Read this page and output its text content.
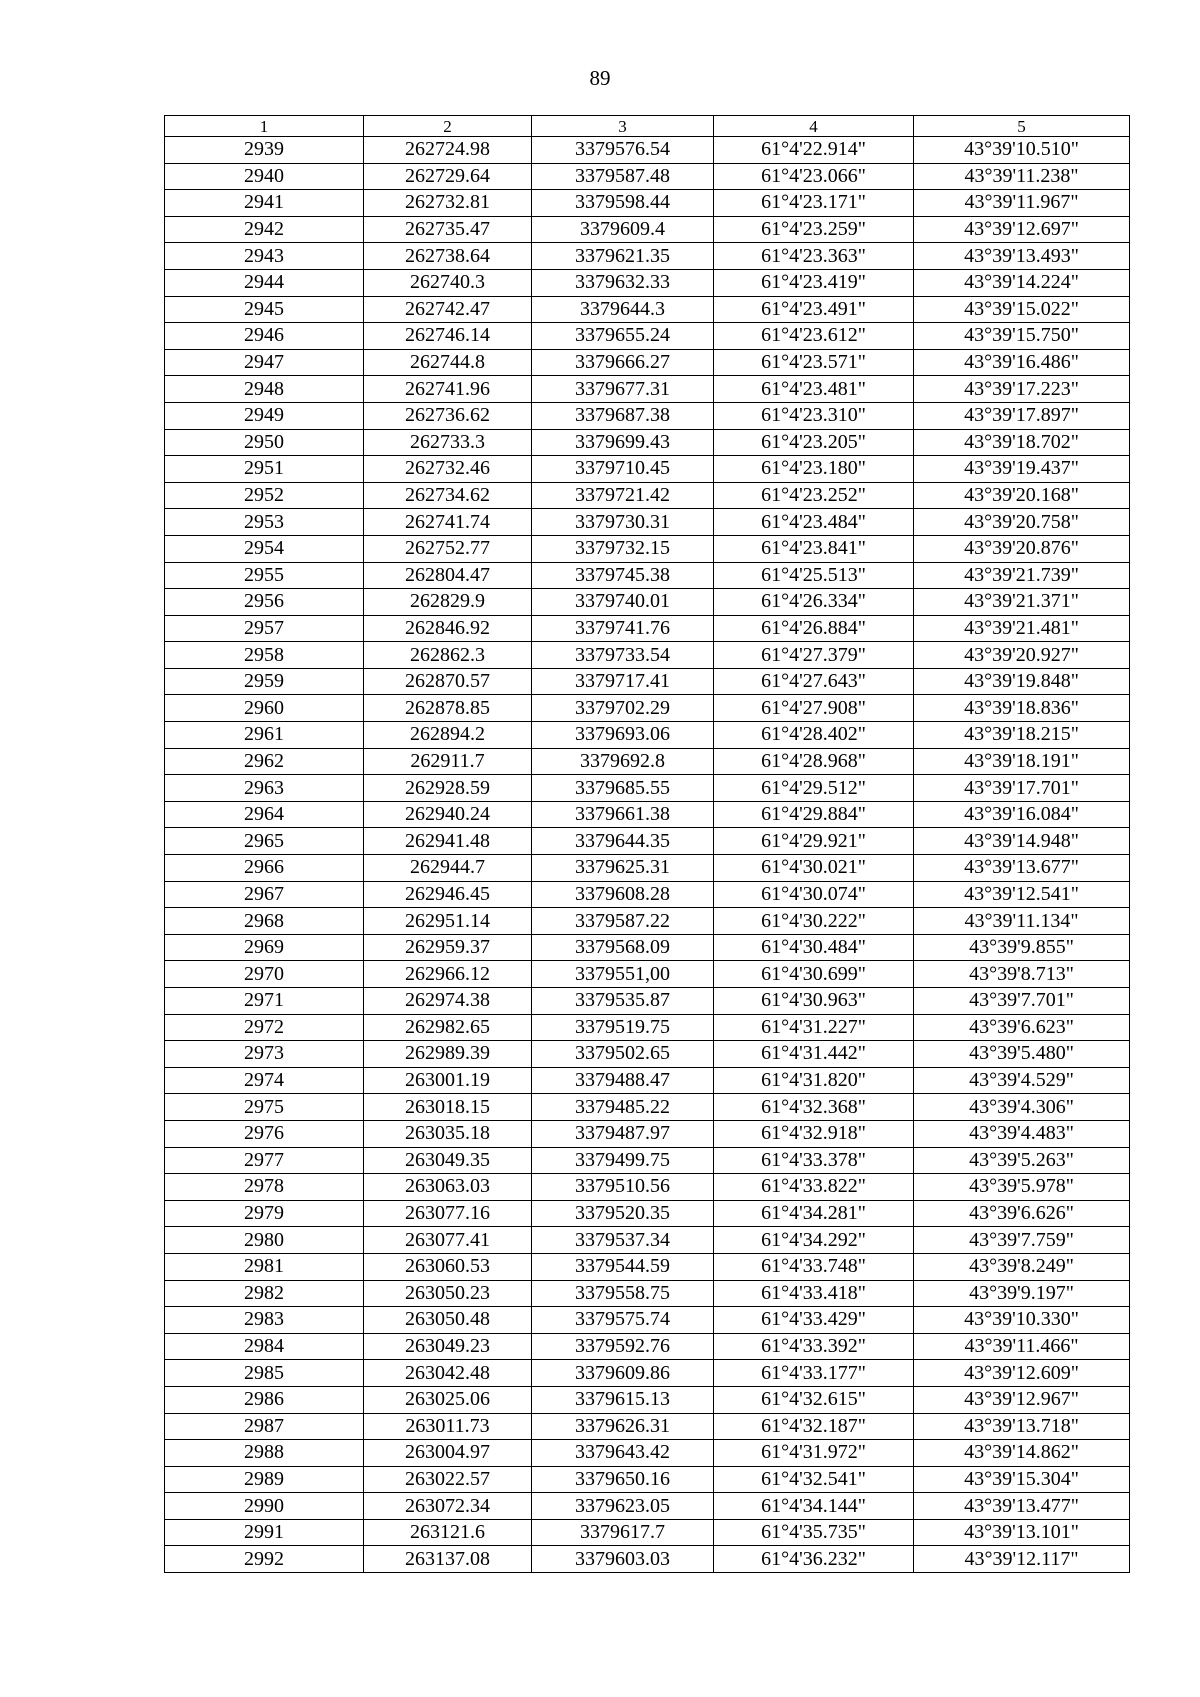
89
1	2	3	4	5
2939	262724.98	3379576.54	61°4'22.914"	43°39'10.510"
2940	262729.64	3379587.48	61°4'23.066"	43°39'11.238"
2941	262732.81	3379598.44	61°4'23.171"	43°39'11.967"
2942	262735.47	3379609.4	61°4'23.259"	43°39'12.697"
2943	262738.64	3379621.35	61°4'23.363"	43°39'13.493"
2944	262740.3	3379632.33	61°4'23.419"	43°39'14.224"
2945	262742.47	3379644.3	61°4'23.491"	43°39'15.022"
2946	262746.14	3379655.24	61°4'23.612"	43°39'15.750"
2947	262744.8	3379666.27	61°4'23.571"	43°39'16.486"
2948	262741.96	3379677.31	61°4'23.481"	43°39'17.223"
2949	262736.62	3379687.38	61°4'23.310"	43°39'17.897"
2950	262733.3	3379699.43	61°4'23.205"	43°39'18.702"
2951	262732.46	3379710.45	61°4'23.180"	43°39'19.437"
2952	262734.62	3379721.42	61°4'23.252"	43°39'20.168"
2953	262741.74	3379730.31	61°4'23.484"	43°39'20.758"
2954	262752.77	3379732.15	61°4'23.841"	43°39'20.876"
2955	262804.47	3379745.38	61°4'25.513"	43°39'21.739"
2956	262829.9	3379740.01	61°4'26.334"	43°39'21.371"
2957	262846.92	3379741.76	61°4'26.884"	43°39'21.481"
2958	262862.3	3379733.54	61°4'27.379"	43°39'20.927"
2959	262870.57	3379717.41	61°4'27.643"	43°39'19.848"
2960	262878.85	3379702.29	61°4'27.908"	43°39'18.836"
2961	262894.2	3379693.06	61°4'28.402"	43°39'18.215"
2962	262911.7	3379692.8	61°4'28.968"	43°39'18.191"
2963	262928.59	3379685.55	61°4'29.512"	43°39'17.701"
2964	262940.24	3379661.38	61°4'29.884"	43°39'16.084"
2965	262941.48	3379644.35	61°4'29.921"	43°39'14.948"
2966	262944.7	3379625.31	61°4'30.021"	43°39'13.677"
2967	262946.45	3379608.28	61°4'30.074"	43°39'12.541"
2968	262951.14	3379587.22	61°4'30.222"	43°39'11.134"
2969	262959.37	3379568.09	61°4'30.484"	43°39'9.855"
2970	262966.12	3379551,00	61°4'30.699"	43°39'8.713"
2971	262974.38	3379535.87	61°4'30.963"	43°39'7.701"
2972	262982.65	3379519.75	61°4'31.227"	43°39'6.623"
2973	262989.39	3379502.65	61°4'31.442"	43°39'5.480"
2974	263001.19	3379488.47	61°4'31.820"	43°39'4.529"
2975	263018.15	3379485.22	61°4'32.368"	43°39'4.306"
2976	263035.18	3379487.97	61°4'32.918"	43°39'4.483"
2977	263049.35	3379499.75	61°4'33.378"	43°39'5.263"
2978	263063.03	3379510.56	61°4'33.822"	43°39'5.978"
2979	263077.16	3379520.35	61°4'34.281"	43°39'6.626"
2980	263077.41	3379537.34	61°4'34.292"	43°39'7.759"
2981	263060.53	3379544.59	61°4'33.748"	43°39'8.249"
2982	263050.23	3379558.75	61°4'33.418"	43°39'9.197"
2983	263050.48	3379575.74	61°4'33.429"	43°39'10.330"
2984	263049.23	3379592.76	61°4'33.392"	43°39'11.466"
2985	263042.48	3379609.86	61°4'33.177"	43°39'12.609"
2986	263025.06	3379615.13	61°4'32.615"	43°39'12.967"
2987	263011.73	3379626.31	61°4'32.187"	43°39'13.718"
2988	263004.97	3379643.42	61°4'31.972"	43°39'14.862"
2989	263022.57	3379650.16	61°4'32.541"	43°39'15.304"
2990	263072.34	3379623.05	61°4'34.144"	43°39'13.477"
2991	263121.6	3379617.7	61°4'35.735"	43°39'13.101"
2992	263137.08	3379603.03	61°4'36.232"	43°39'12.117"
